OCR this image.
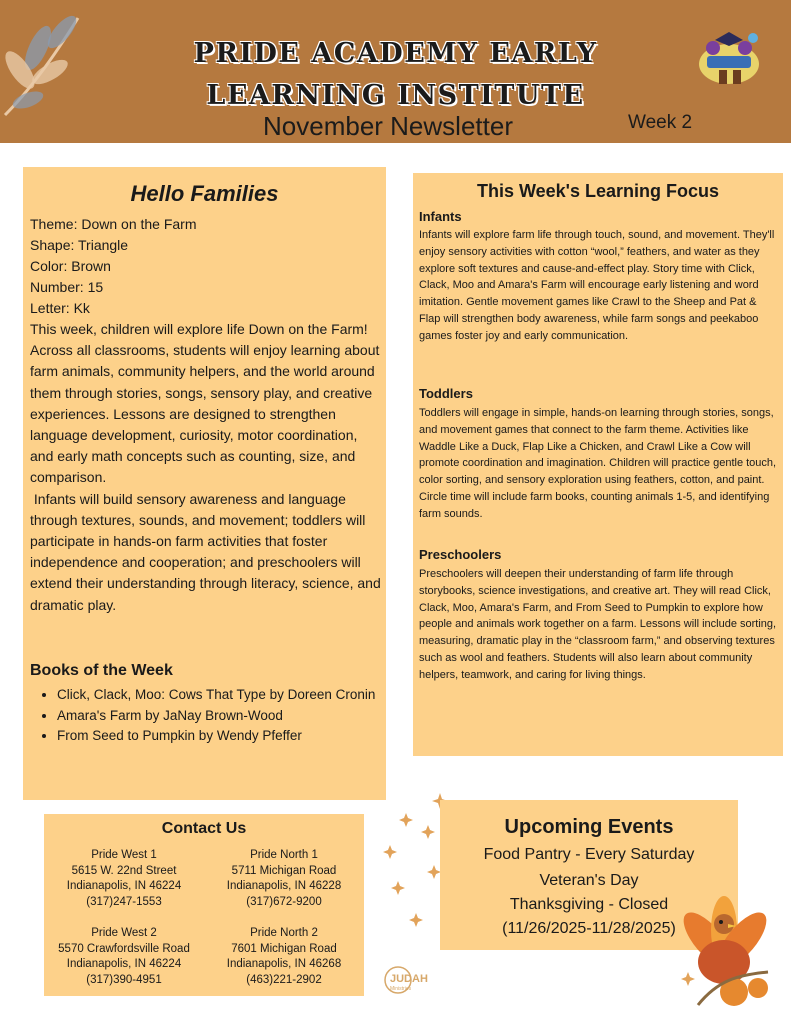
PRIDE ACADEMY EARLY
LEARNING INSTITUTE
November Newsletter	Week 2
Hello Families
Theme: Down on the Farm
Shape: Triangle
Color: Brown
Number: 15
Letter: Kk
This week, children will explore life Down on the Farm! Across all classrooms, students will enjoy learning about farm animals, community helpers, and the world around them through stories, songs, sensory play, and creative experiences. Lessons are designed to strengthen language development, curiosity, motor coordination, and early math concepts such as counting, size, and comparison.
Infants will build sensory awareness and language through textures, sounds, and movement; toddlers will participate in hands-on farm activities that foster independence and cooperation; and preschoolers will extend their understanding through literacy, science, and dramatic play.
Books of the Week
• Click, Clack, Moo: Cows That Type by Doreen Cronin
• Amara's Farm by JaNay Brown-Wood
• From Seed to Pumpkin by Wendy Pfeffer
This Week's Learning Focus
Infants
Infants will explore farm life through touch, sound, and movement. They'll enjoy sensory activities with cotton “wool,” feathers, and water as they explore soft textures and cause-and-effect play. Story time with Click, Clack, Moo and Amara's Farm will encourage early listening and word imitation. Gentle movement games like Crawl to the Sheep and Pat & Flap will strengthen body awareness, while farm songs and peekaboo games foster joy and early communication.
Toddlers
Toddlers will engage in simple, hands-on learning through stories, songs, and movement games that connect to the farm theme. Activities like Waddle Like a Duck, Flap Like a Chicken, and Crawl Like a Cow will promote coordination and imagination. Children will practice gentle touch, color sorting, and sensory exploration using feathers, cotton, and paint. Circle time will include farm books, counting animals 1-5, and identifying farm sounds.
Preschoolers
Preschoolers will deepen their understanding of farm life through storybooks, science investigations, and creative art. They will read Click, Clack, Moo, Amara's Farm, and From Seed to Pumpkin to explore how people and animals work together on a farm. Lessons will include sorting, measuring, dramatic play in the “classroom farm,” and observing textures such as wool and feathers. Students will also learn about community helpers, teamwork, and caring for living things.
Contact Us
Pride West 1
5615 W. 22nd Street
Indianapolis, IN 46224
(317)247-1553
Pride North 1
5711 Michigan Road
Indianapolis, IN 46228
(317)672-9200
Pride West 2
5570 Crawfordsville Road
Indianapolis, IN 46224
(317)390-4951
Pride North 2
7601 Michigan Road
Indianapolis, IN 46268
(463)221-2902
Upcoming Events
Food Pantry - Every Saturday
Veteran's Day
Thanksgiving - Closed
(11/26/2025-11/28/2025)
JUDAH
Ministries
